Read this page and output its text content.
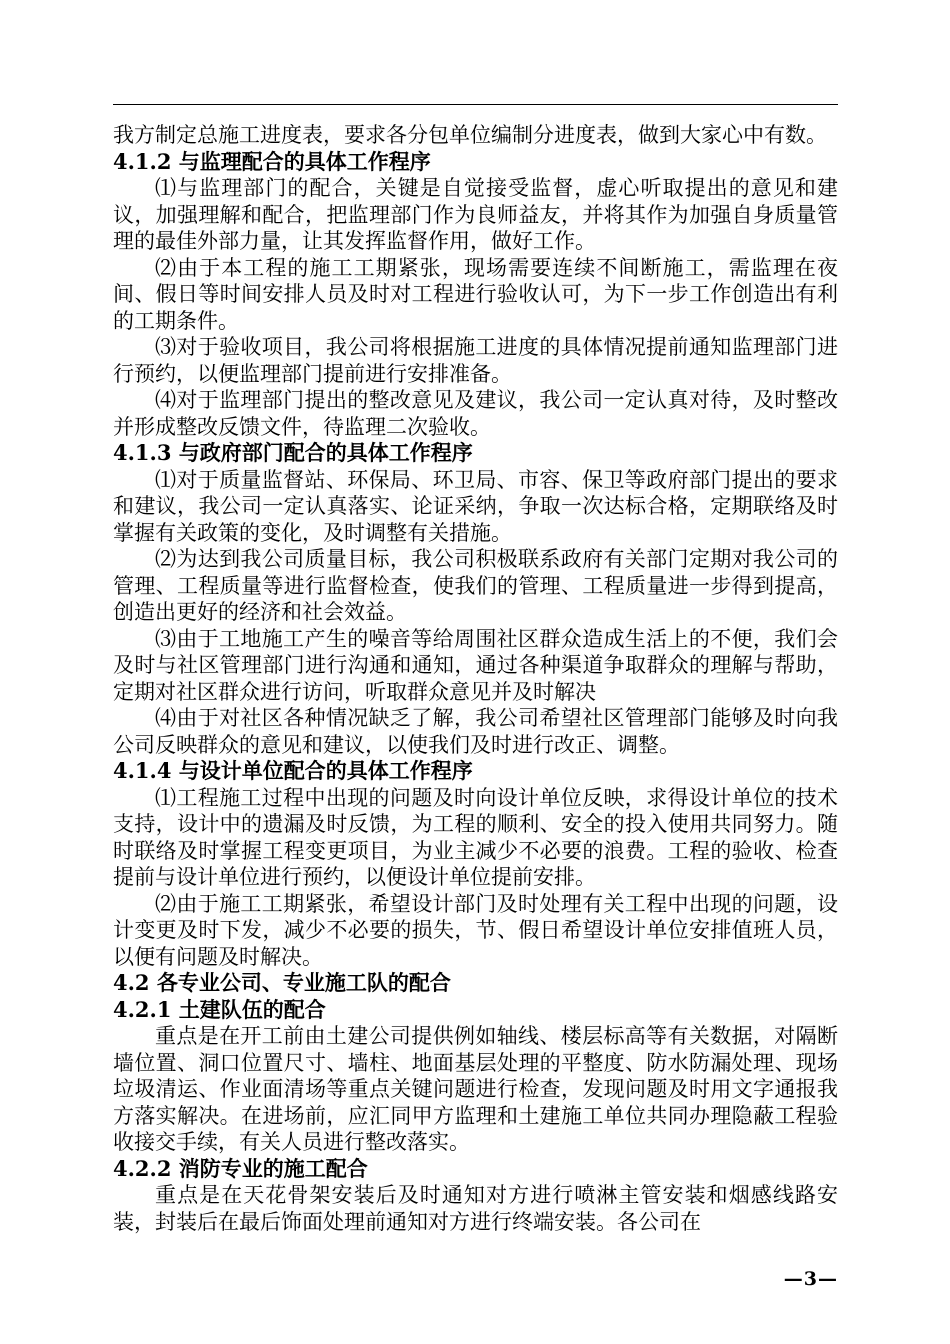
我方制定总施工进度表，要求各分包单位编制分进度表，做到大家心中有数。

4.1.2 与监理配合的具体工作程序

⑴与监理部门的配合，关键是自觉接受监督，虚心听取提出的意见和建议，加强理解和配合，把监理部门作为良师益友，并将其作为加强自身质量管理的最佳外部力量，让其发挥监督作用，做好工作。

⑵由于本工程的施工工期紧张，现场需要连续不间断施工，需监理在夜间、假日等时间安排人员及时对工程进行验收认可，为下一步工作创造出有利的工期条件。

⑶对于验收项目，我公司将根据施工进度的具体情况提前通知监理部门进行预约，以便监理部门提前进行安排准备。

⑷对于监理部门提出的整改意见及建议，我公司一定认真对待，及时整改并形成整改反馈文件，待监理二次验收。

4.1.3 与政府部门配合的具体工作程序

⑴对于质量监督站、环保局、环卫局、市容、保卫等政府部门提出的要求和建议，我公司一定认真落实、论证采纳，争取一次达标合格，定期联络及时掌握有关政策的变化，及时调整有关措施。

⑵为达到我公司质量目标，我公司积极联系政府有关部门定期对我公司的管理、工程质量等进行监督检查，使我们的管理、工程质量进一步得到提高，创造出更好的经济和社会效益。

⑶由于工地施工产生的噪音等给周围社区群众造成生活上的不便，我们会及时与社区管理部门进行沟通和通知，通过各种渠道争取群众的理解与帮助，定期对社区群众进行访问，听取群众意见并及时解决

⑷由于对社区各种情况缺乏了解，我公司希望社区管理部门能够及时向我公司反映群众的意见和建议，以使我们及时进行改正、调整。

4.1.4 与设计单位配合的具体工作程序

⑴工程施工过程中出现的问题及时向设计单位反映，求得设计单位的技术支持，设计中的遗漏及时反馈，为工程的顺利、安全的投入使用共同努力。随时联络及时掌握工程变更项目，为业主减少不必要的浪费。工程的验收、检查提前与设计单位进行预约，以便设计单位提前安排。

⑵由于施工工期紧张，希望设计部门及时处理有关工程中出现的问题，设计变更及时下发，减少不必要的损失，节、假日希望设计单位安排值班人员，以便有问题及时解决。

4.2 各专业公司、专业施工队的配合
4.2.1 土建队伍的配合

重点是在开工前由土建公司提供例如轴线、楼层标高等有关数据，对隔断墙位置、洞口位置尺寸、墙柱、地面基层处理的平整度、防水防漏处理、现场垃圾清运、作业面清场等重点关键问题进行检查，发现问题及时用文字通报我方落实解决。在进场前，应汇同甲方监理和土建施工单位共同办理隐蔽工程验收接交手续，有关人员进行整改落实。

4.2.2 消防专业的施工配合

重点是在天花骨架安装后及时通知对方进行喷淋主管安装和烟感线路安装，封装后在最后饰面处理前通知对方进行终端安装。各公司在

—3—
